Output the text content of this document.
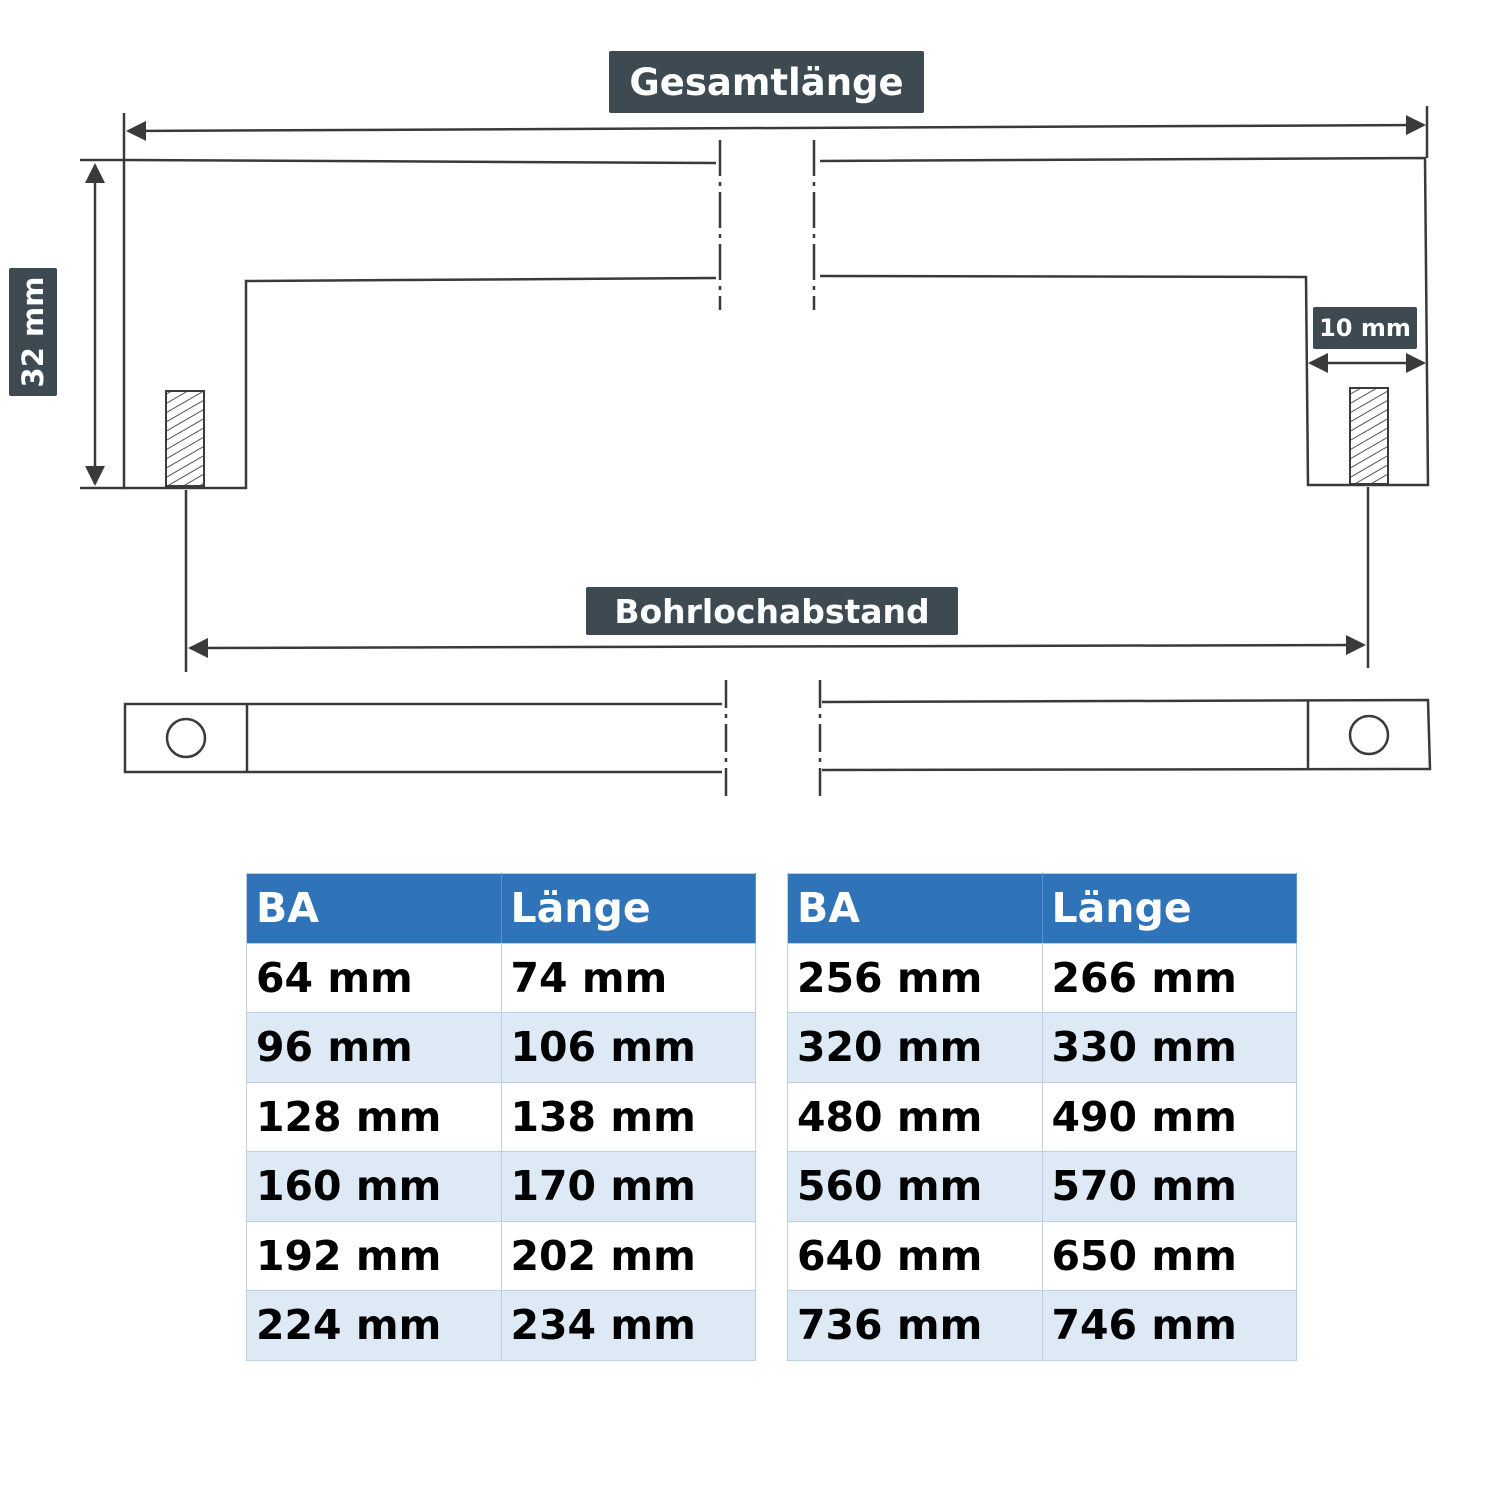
Gesamtlänge
Bohrlochabstand
10 mm
32 mm
BA	Länge
64 mm	74 mm
96 mm	106 mm
128 mm	138 mm
160 mm	170 mm
192 mm	202 mm
224 mm	234 mm
BA	Länge
256 mm	266 mm
320 mm	330 mm
480 mm	490 mm
560 mm	570 mm
640 mm	650 mm
736 mm	746 mm
